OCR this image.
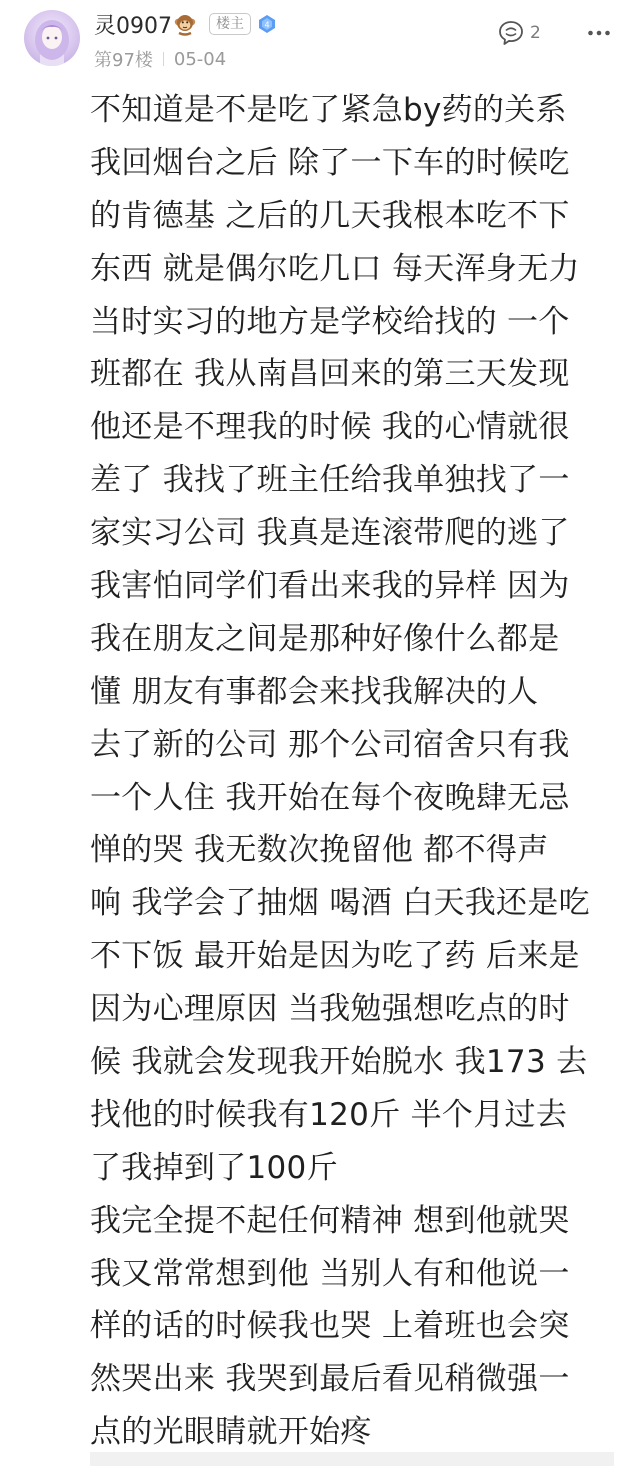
灵0907	楼主	4
第97楼 05-04
2
不知道是不是吃了紧急by药的关系
我回烟台之后 除了一下车的时候吃
的肯德基 之后的几天我根本吃不下
东西 就是偶尔吃几口 每天浑身无力
当时实习的地方是学校给找的 一个
班都在 我从南昌回来的第三天发现
他还是不理我的时候 我的心情就很
差了 我找了班主任给我单独找了一
家实习公司 我真是连滚带爬的逃了
我害怕同学们看出来我的异样 因为
我在朋友之间是那种好像什么都是
懂 朋友有事都会来找我解决的人
去了新的公司 那个公司宿舍只有我
一个人住 我开始在每个夜晚肆无忌
惮的哭 我无数次挽留他 都不得声
响 我学会了抽烟 喝酒 白天我还是吃
不下饭 最开始是因为吃了药 后来是
因为心理原因 当我勉强想吃点的时
候 我就会发现我开始脱水 我173 去
找他的时候我有120斤 半个月过去
了我掉到了100斤
我完全提不起任何精神 想到他就哭
我又常常想到他 当别人有和他说一
样的话的时候我也哭 上着班也会突
然哭出来 我哭到最后看见稍微强一
点的光眼睛就开始疼
